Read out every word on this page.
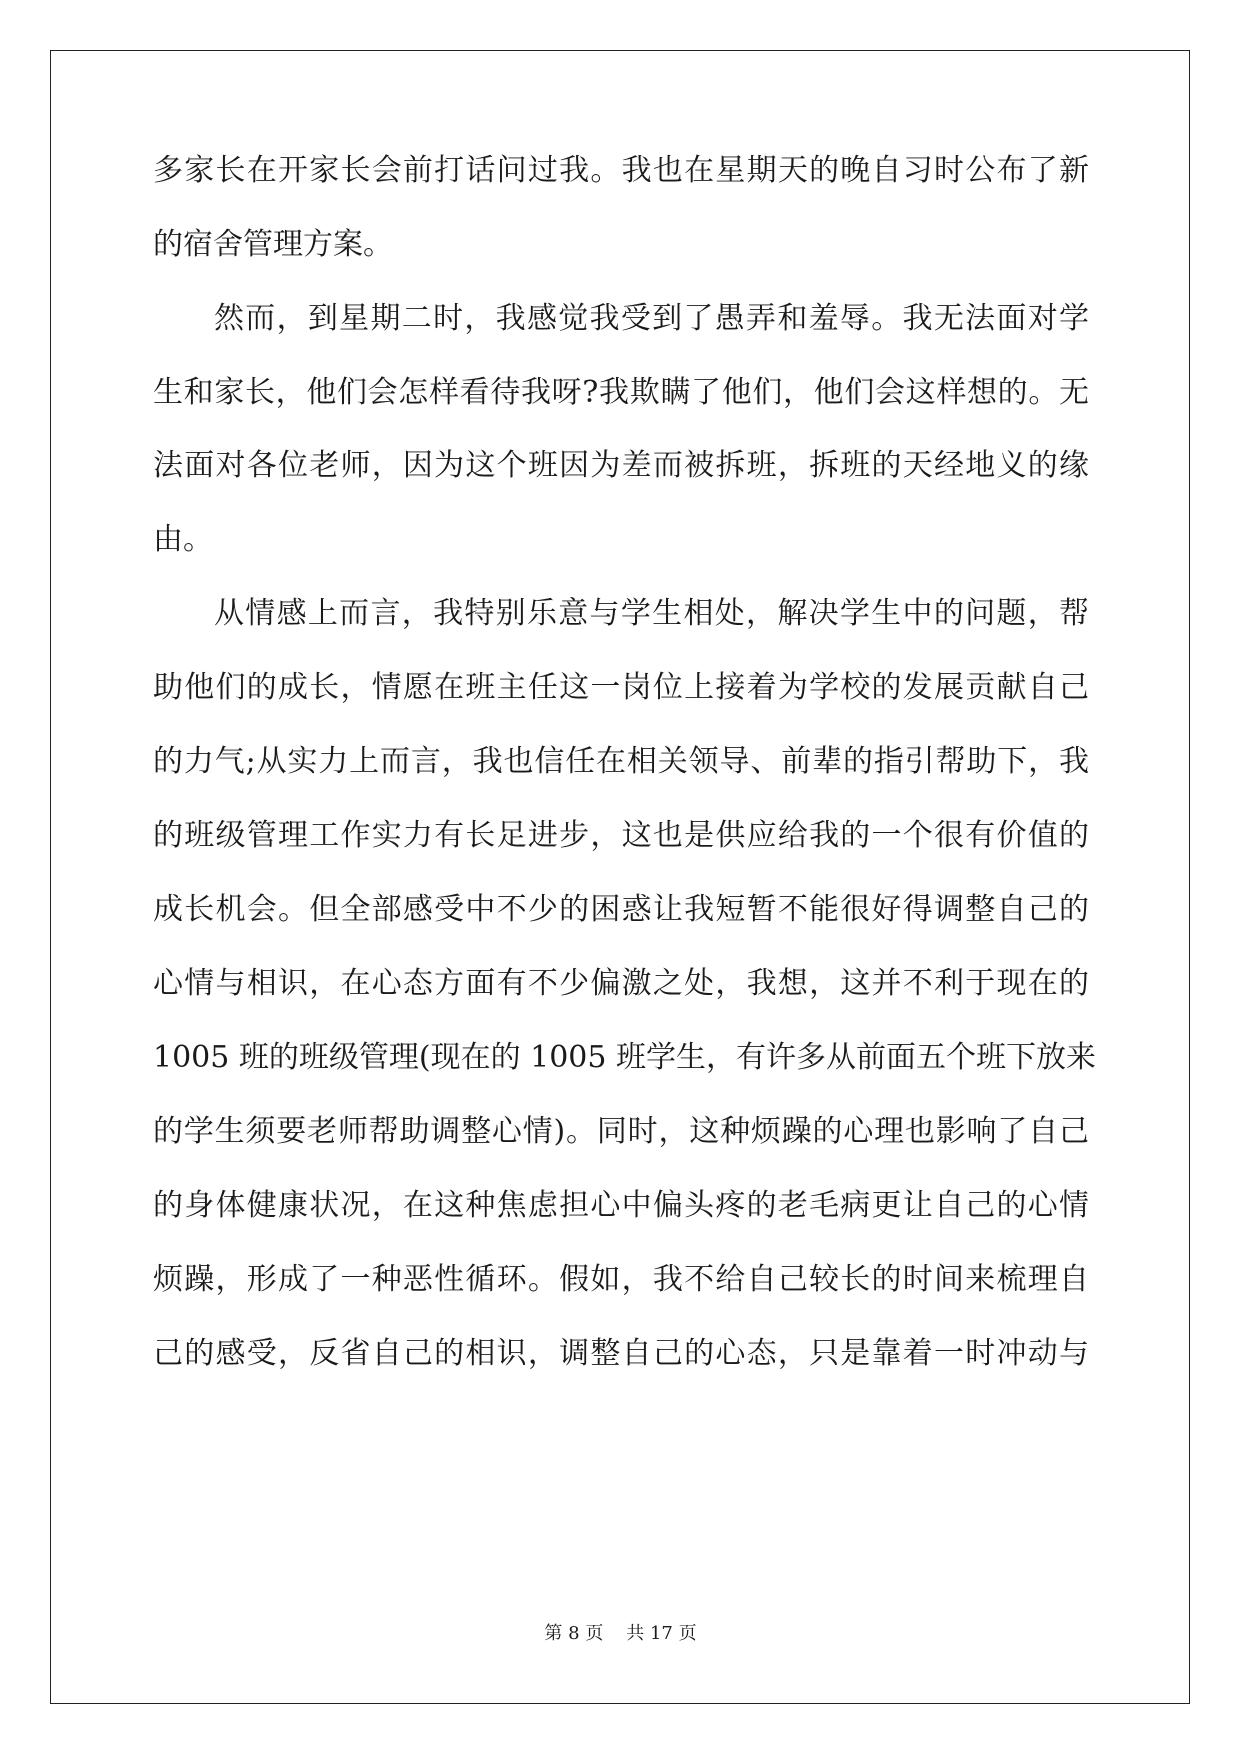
多家长在开家长会前打话问过我。我也在星期天的晚自习时公布了新
的宿舍管理方案。
然而，到星期二时，我感觉我受到了愚弄和羞辱。我无法面对学
生和家长，他们会怎样看待我呀?我欺瞒了他们，他们会这样想的。无
法面对各位老师，因为这个班因为差而被拆班，拆班的天经地义的缘
由。
从情感上而言，我特别乐意与学生相处，解决学生中的问题，帮
助他们的成长，情愿在班主任这一岗位上接着为学校的发展贡献自己
的力气;从实力上而言，我也信任在相关领导、前辈的指引帮助下，我
的班级管理工作实力有长足进步，这也是供应给我的一个很有价值的
成长机会。但全部感受中不少的困惑让我短暂不能很好得调整自己的
心情与相识，在心态方面有不少偏激之处，我想，这并不利于现在的
1005 班的班级管理(现在的 1005 班学生，有许多从前面五个班下放来
的学生须要老师帮助调整心情)。同时，这种烦躁的心理也影响了自己
的身体健康状况，在这种焦虑担心中偏头疼的老毛病更让自己的心情
烦躁，形成了一种恶性循环。假如，我不给自己较长的时间来梳理自
己的感受，反省自己的相识，调整自己的心态，只是靠着一时冲动与
第 8 页 共 17 页
